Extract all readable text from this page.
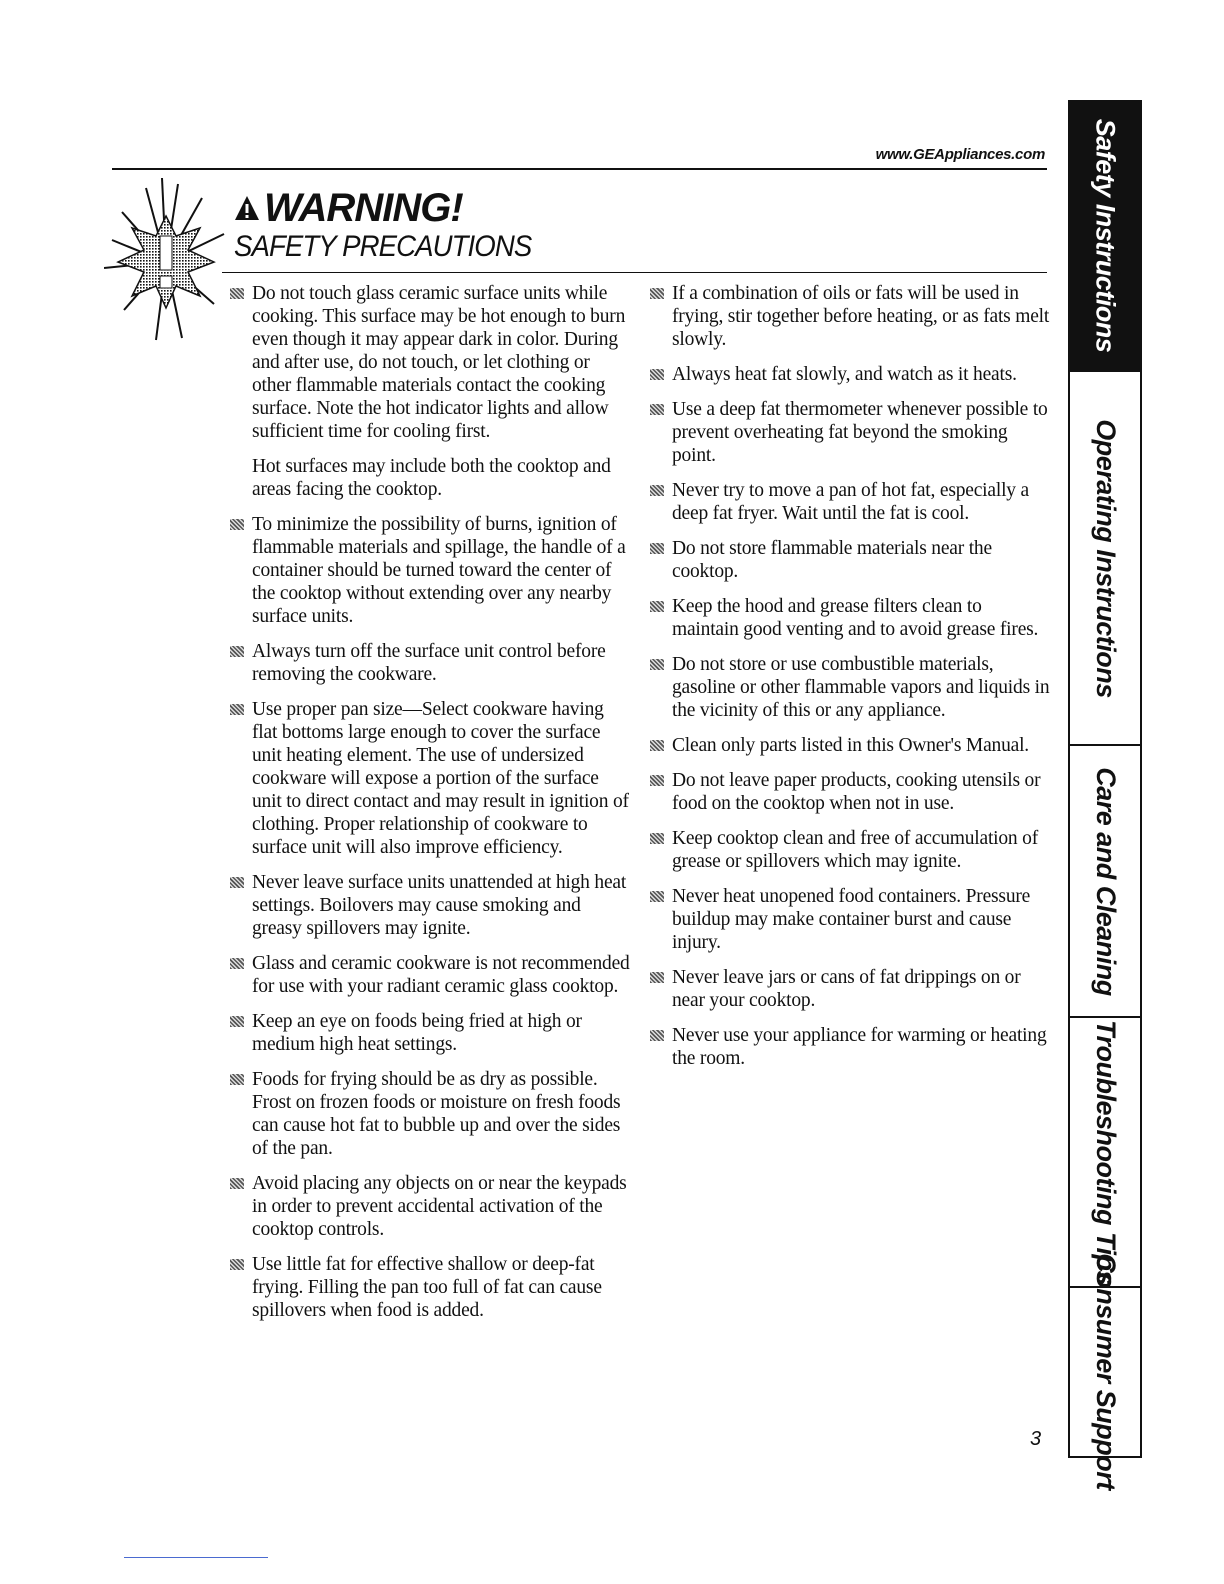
www.GEAppliances.com
WARNING!
SAFETY PRECAUTIONS

Do not touch glass ceramic surface units while cooking. This surface may be hot enough to burn even though it may appear dark in color. During and after use, do not touch, or let clothing or other flammable materials contact the cooking surface. Note the hot indicator lights and allow sufficient time for cooling first.

Hot surfaces may include both the cooktop and areas facing the cooktop.

To minimize the possibility of burns, ignition of flammable materials and spillage, the handle of a container should be turned toward the center of the cooktop without extending over any nearby surface units.

Always turn off the surface unit control before removing the cookware.

Use proper pan size—Select cookware having flat bottoms large enough to cover the surface unit heating element. The use of undersized cookware will expose a portion of the surface unit to direct contact and may result in ignition of clothing. Proper relationship of cookware to surface unit will also improve efficiency.

Never leave surface units unattended at high heat settings. Boilovers may cause smoking and greasy spillovers may ignite.

Glass and ceramic cookware is not recommended for use with your radiant ceramic glass cooktop.

Keep an eye on foods being fried at high or medium high heat settings.

Foods for frying should be as dry as possible. Frost on frozen foods or moisture on fresh foods can cause hot fat to bubble up and over the sides of the pan.

Avoid placing any objects on or near the keypads in order to prevent accidental activation of the cooktop controls.

Use little fat for effective shallow or deep-fat frying. Filling the pan too full of fat can cause spillovers when food is added.

If a combination of oils or fats will be used in frying, stir together before heating, or as fats melt slowly.

Always heat fat slowly, and watch as it heats.

Use a deep fat thermometer whenever possible to prevent overheating fat beyond the smoking point.

Never try to move a pan of hot fat, especially a deep fat fryer. Wait until the fat is cool.

Do not store flammable materials near the cooktop.

Keep the hood and grease filters clean to maintain good venting and to avoid grease fires.

Do not store or use combustible materials, gasoline or other flammable vapors and liquids in the vicinity of this or any appliance.

Clean only parts listed in this Owner's Manual.

Do not leave paper products, cooking utensils or food on the cooktop when not in use.

Keep cooktop clean and free of accumulation of grease or spillovers which may ignite.

Never heat unopened food containers. Pressure buildup may make container burst and cause injury.

Never leave jars or cans of fat drippings on or near your cooktop.

Never use your appliance for warming or heating the room.

Safety Instructions
Operating Instructions
Care and Cleaning
Troubleshooting Tips
Consumer Support
3
